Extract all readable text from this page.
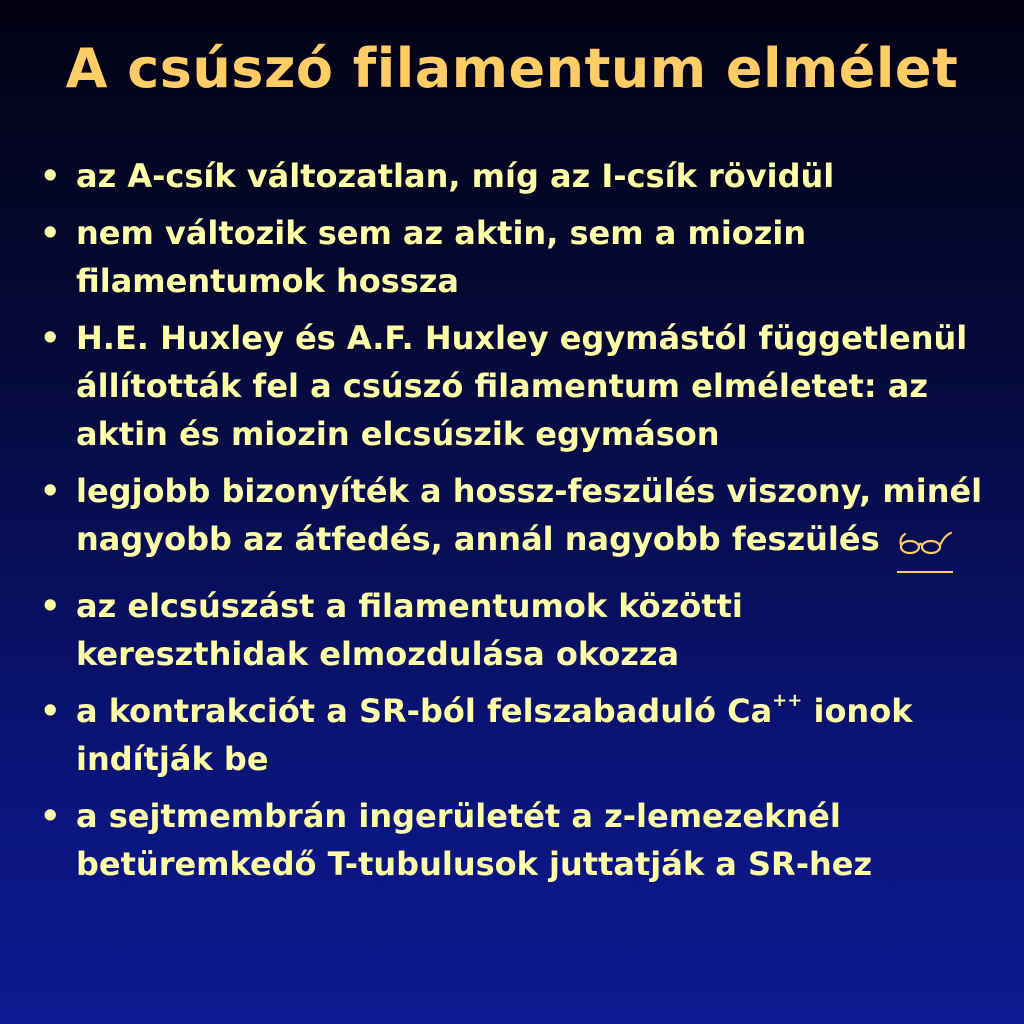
A csúszó filamentum elmélet
• az A-csík változatlan, míg az I-csík rövidül
• nem változik sem az aktin, sem a miozin filamentumok hossza
• H.E. Huxley és A.F. Huxley egymástól függetlenül állították fel a csúszó filamentum elméletet: az aktin és miozin elcsúszik egymáson
• legjobb bizonyíték a hossz-feszülés viszony, minél nagyobb az átfedés, annál nagyobb feszülés
• az elcsúszást a filamentumok közötti kereszthidak elmozdulása okozza
• a kontrakciót a SR-ból felszabaduló Ca++ ionok indítják be
• a sejtmembrán ingerületét a z-lemezeknél betüremkedő T-tubulusok juttatják a SR-hez
